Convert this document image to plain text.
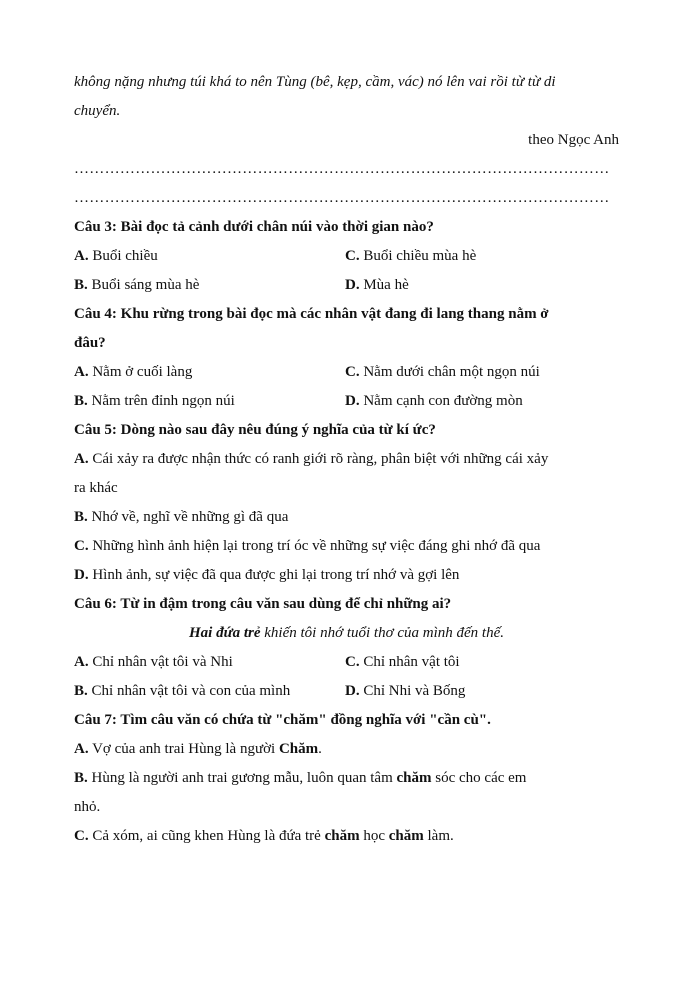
không nặng nhưng túi khá to nên Tùng (bê, kẹp, cầm, vác) nó lên vai rồi từ từ di
chuyển.
theo Ngọc Anh
……………………………………………………………………………………………
……………………………………………………………………………………………
Câu 3: Bài đọc tả cảnh dưới chân núi vào thời gian nào?
A. Buổi chiều	C. Buổi chiều mùa hè
B. Buổi sáng mùa hè	D. Mùa hè
Câu 4: Khu rừng trong bài đọc mà các nhân vật đang đi lang thang nằm ở
đâu?
A. Nằm ở cuối làng	C. Nằm dưới chân một ngọn núi
B. Nằm trên đỉnh ngọn núi	D. Nằm cạnh con đường mòn
Câu 5: Dòng nào sau đây nêu đúng ý nghĩa của từ kí ức?
A. Cái xảy ra được nhận thức có ranh giới rõ ràng, phân biệt với những cái xảy
ra khác
B. Nhớ về, nghĩ về những gì đã qua
C. Những hình ảnh hiện lại trong trí óc về những sự việc đáng ghi nhớ đã qua
D. Hình ảnh, sự việc đã qua được ghi lại trong trí nhớ và gợi lên
Câu 6: Từ in đậm trong câu văn sau dùng để chỉ những ai?
Hai đứa trẻ khiến tôi nhớ tuổi thơ của mình đến thế.
A. Chỉ nhân vật tôi và Nhi	C. Chỉ nhân vật tôi
B. Chỉ nhân vật tôi và con của mình	D. Chỉ Nhi và Bống
Câu 7: Tìm câu văn có chứa từ "chăm" đồng nghĩa với "cần cù".
A. Vợ của anh trai Hùng là người Chăm.
B. Hùng là người anh trai gương mẫu, luôn quan tâm chăm sóc cho các em
nhỏ.
C. Cả xóm, ai cũng khen Hùng là đứa trẻ chăm học chăm làm.
